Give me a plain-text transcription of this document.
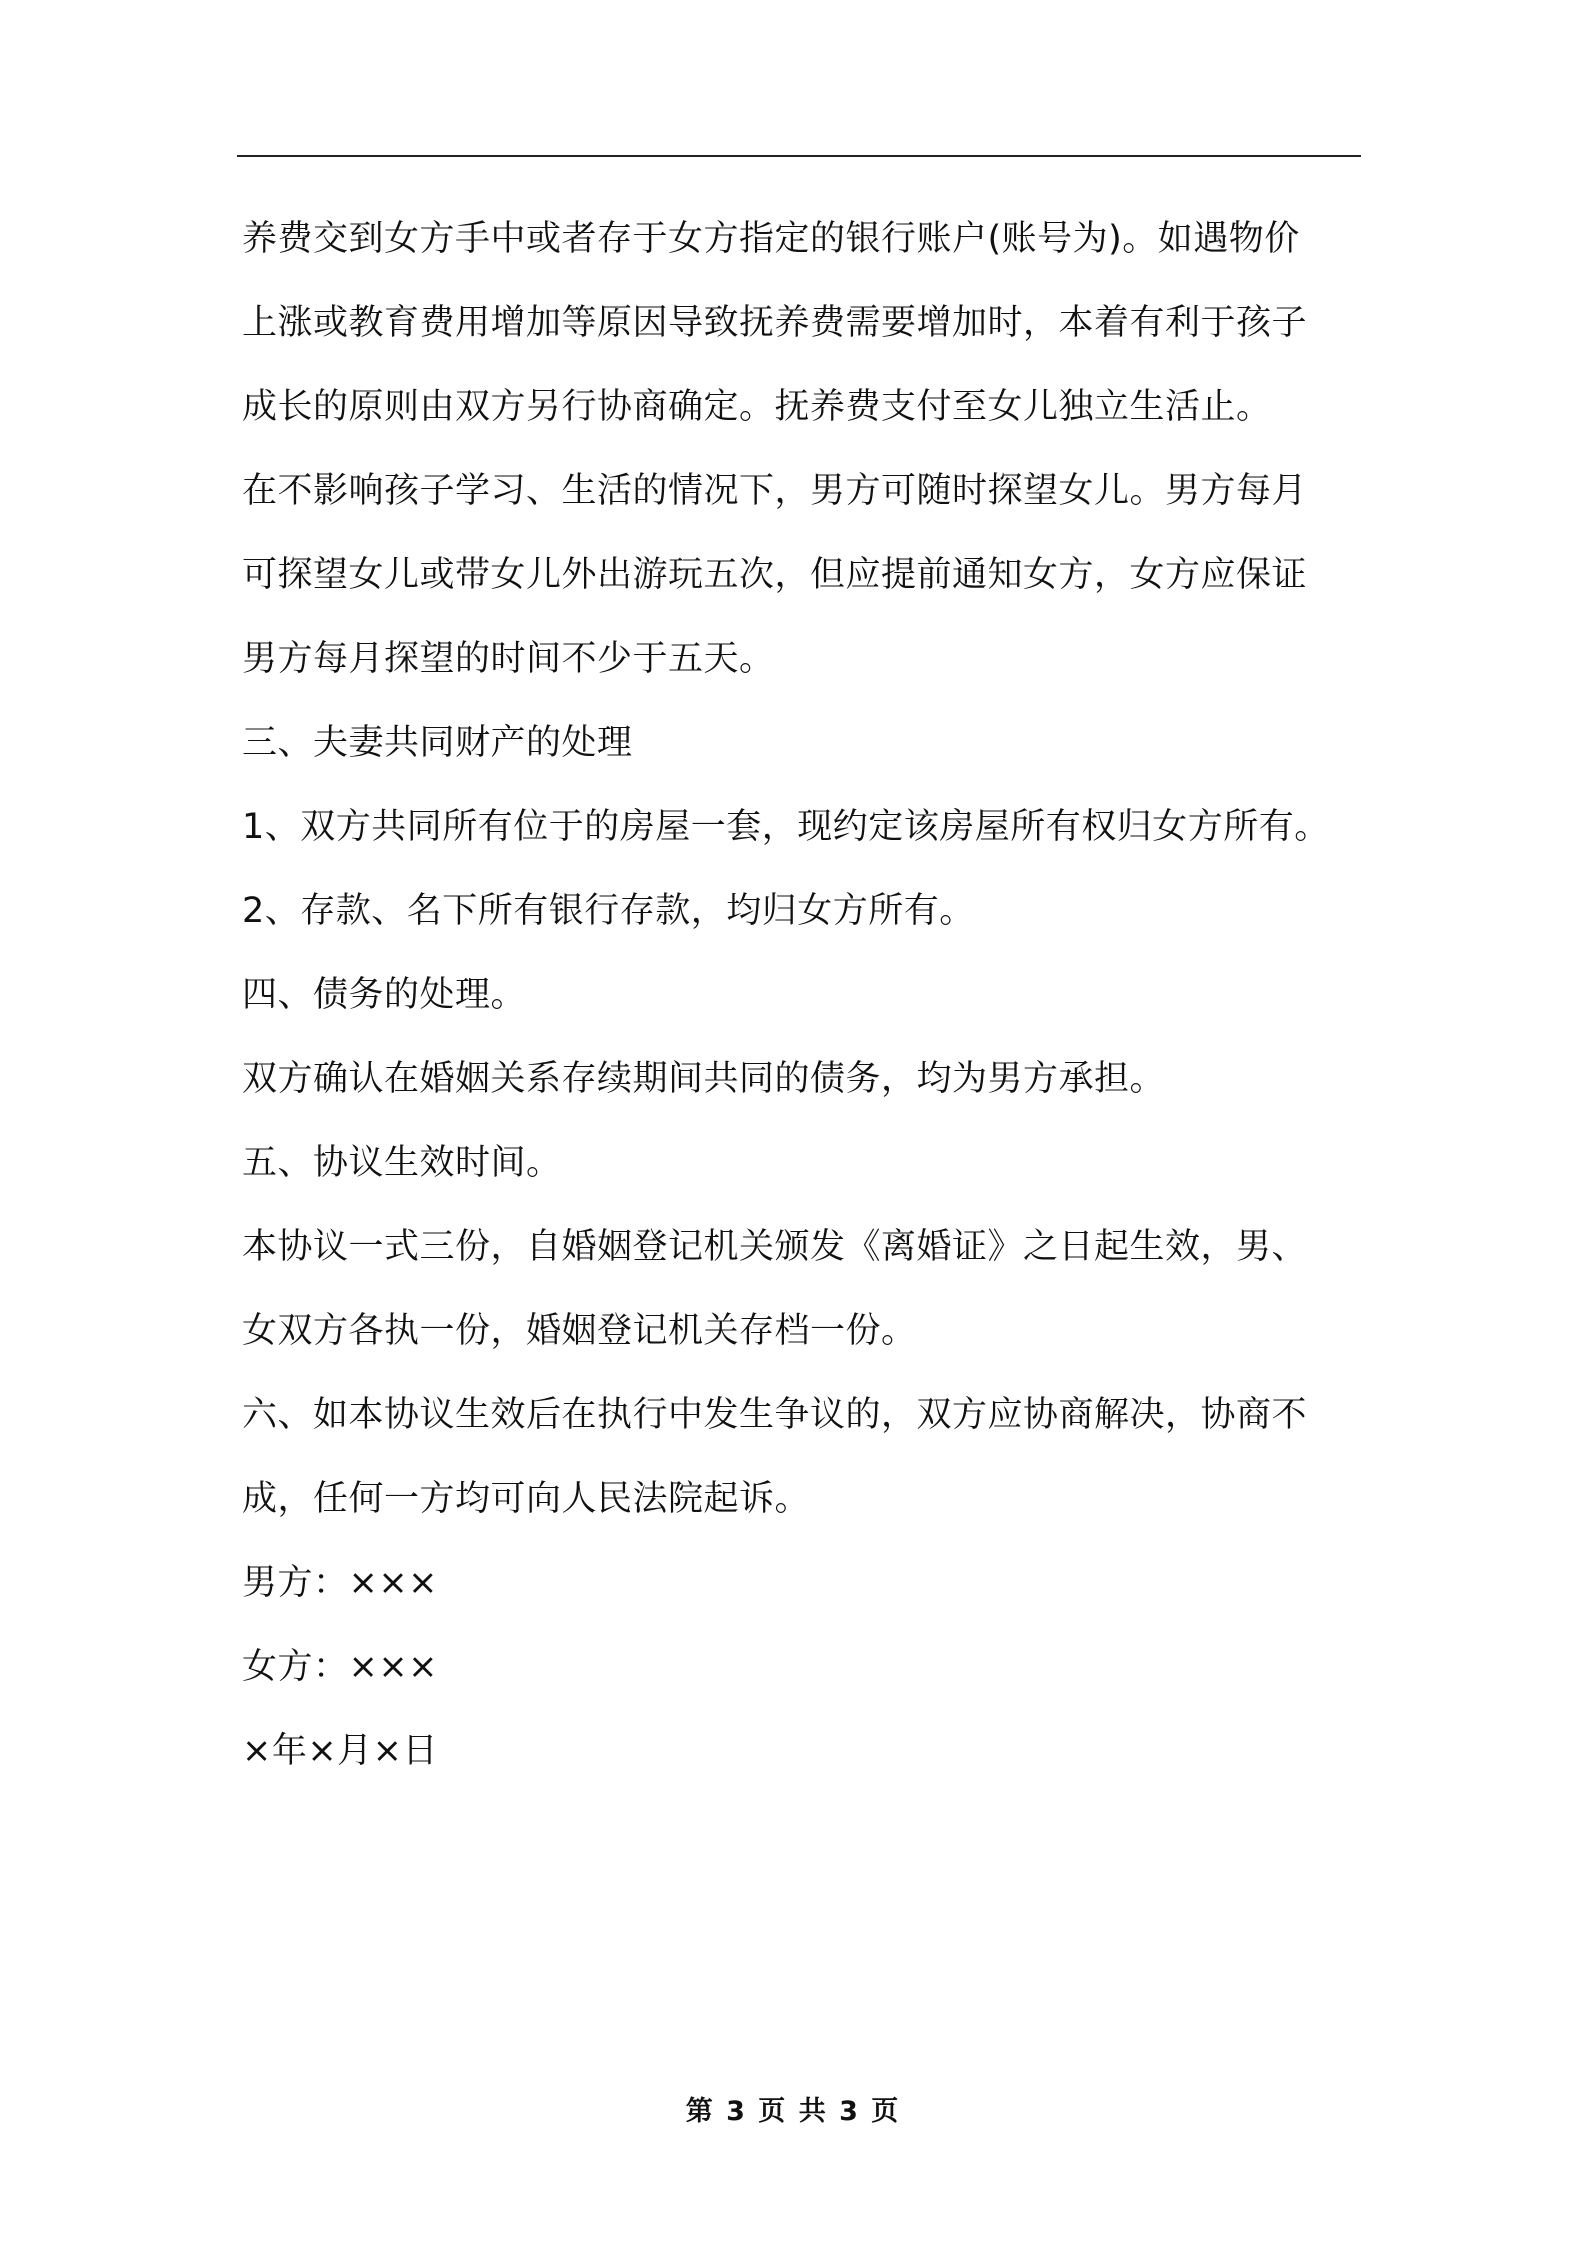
养费交到女方手中或者存于女方指定的银行账户(账号为)。如遇物价
上涨或教育费用增加等原因导致抚养费需要增加时，本着有利于孩子
成长的原则由双方另行协商确定。抚养费支付至女儿独立生活止。
在不影响孩子学习、生活的情况下，男方可随时探望女儿。男方每月
可探望女儿或带女儿外出游玩五次，但应提前通知女方，女方应保证
男方每月探望的时间不少于五天。
三、夫妻共同财产的处理
1、双方共同所有位于的房屋一套，现约定该房屋所有权归女方所有。
2、存款、名下所有银行存款，均归女方所有。
四、债务的处理。
双方确认在婚姻关系存续期间共同的债务，均为男方承担。
五、协议生效时间。
本协议一式三份，自婚姻登记机关颁发《离婚证》之日起生效，男、
女双方各执一份，婚姻登记机关存档一份。
六、如本协议生效后在执行中发生争议的，双方应协商解决，协商不
成，任何一方均可向人民法院起诉。
男方：×××
女方：×××
×年×月×日
第 3 页 共 3 页
